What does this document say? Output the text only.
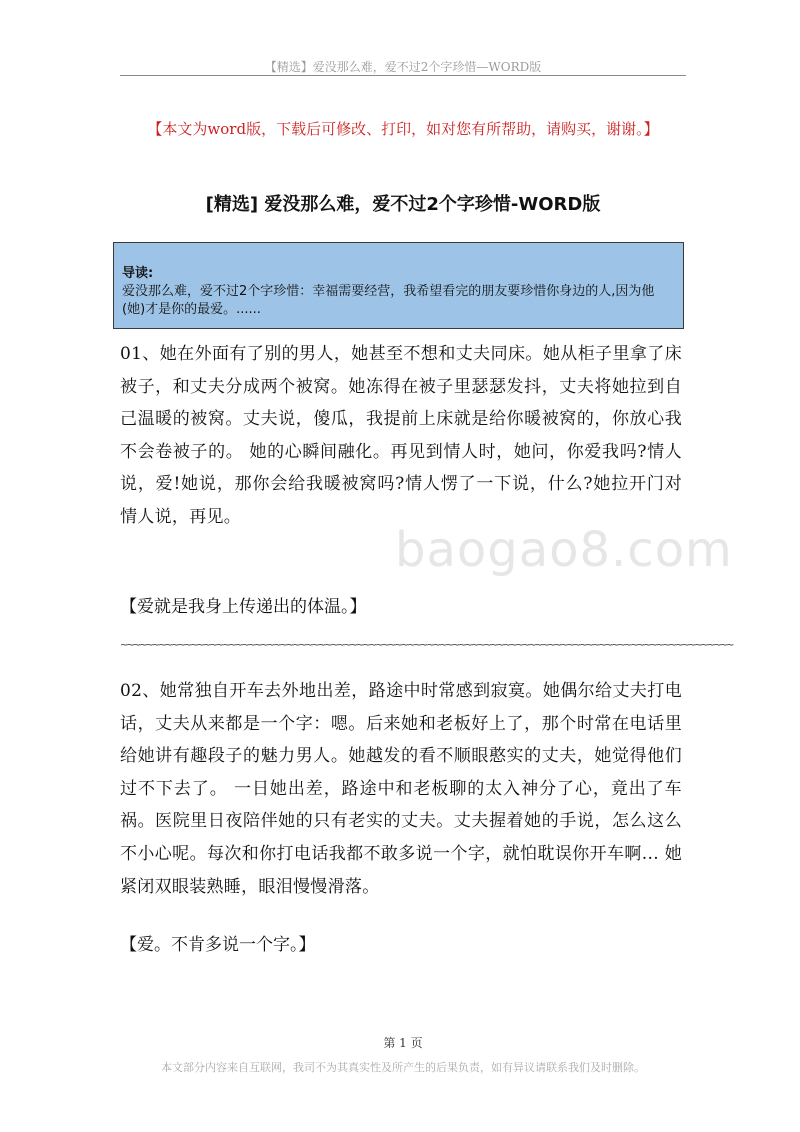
【精选】爱没那么难，爱不过2个字珍惜—WORD版
【本文为word版，下载后可修改、打印，如对您有所帮助，请购买，谢谢。】
[精选] 爱没那么难，爱不过2个字珍惜-WORD版
导读:
爱没那么难，爱不过2个字珍惜：幸福需要经营，我希望看完的朋友要珍惜你身边的人,因为他(她)才是你的最爱。......
baogao8.com
01、她在外面有了别的男人，她甚至不想和丈夫同床。她从柜子里拿了床被子，和丈夫分成两个被窝。她冻得在被子里瑟瑟发抖，丈夫将她拉到自己温暖的被窝。丈夫说，傻瓜，我提前上床就是给你暖被窝的，你放心我不会卷被子的。 她的心瞬间融化。再见到情人时，她问，你爱我吗?情人说，爱!她说，那你会给我暖被窝吗?情人愣了一下说，什么?她拉开门对情人说，再见。
【爱就是我身上传递出的体温。】
~~~~~~~~~~~~~~~~~~~~~~~~~~~~~~~~~~~~~~~~~~~~~~~~~~~~~~~~~~~~~~~~~~~~~~~~~~~~~~~~~~~~~~~~~~~~~~~~
02、她常独自开车去外地出差，路途中时常感到寂寞。她偶尔给丈夫打电话，丈夫从来都是一个字：嗯。后来她和老板好上了，那个时常在电话里给她讲有趣段子的魅力男人。她越发的看不顺眼憨实的丈夫，她觉得他们过不下去了。 一日她出差，路途中和老板聊的太入神分了心，竟出了车祸。医院里日夜陪伴她的只有老实的丈夫。丈夫握着她的手说，怎么这么不小心呢。每次和你打电话我都不敢多说一个字，就怕耽误你开车啊... 她紧闭双眼装熟睡，眼泪慢慢滑落。
【爱。不肯多说一个字。】
第 1 页
本文部分内容来自互联网，我司不为其真实性及所产生的后果负责，如有异议请联系我们及时删除。
